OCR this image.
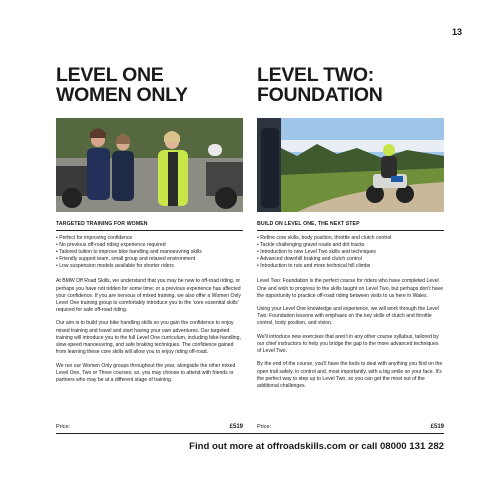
13
LEVEL ONE
WOMEN ONLY
TARGETED TRAINING FOR WOMEN
• Perfect for improving confidence
• No previous off-road riding experience required
• Tailored tuition to improve bike handling and manoeuvring skills
• Friendly support team, small group and relaxed environment
• Low suspension models available for shorter riders

At BMW Off Road Skills, we understand that you may be new to off-road riding, or perhaps you have not ridden for some time; or a previous experience has affected your confidence. If you are nervous of mixed training, we also offer a Women Only Level One training group to comfortably introduce you to the 'core essential skills' required for safe off-road riding.

Our aim is to build your bike handling skills so you gain the confidence to enjoy mixed training and travel and start having your own adventures. Our targeted training will introduce you to the full Level One curriculum, including bike-handling, slow-speed manoeuvring, and safe braking techniques. The confidence gained from learning these core skills will allow you to enjoy riding off-road.

We run our Women Only groups throughout the year, alongside the other mixed Level One, Two or Three courses; so, you may choose to attend with friends or partners who may be at a different stage of training.

LEVEL TWO:
FOUNDATION
BUILD ON LEVEL ONE, THE NEXT STEP
• Refine core skills, body position, throttle and clutch control
• Tackle challenging gravel roads and dirt tracks
• Introduction to new Level Two skills and techniques
• Advanced downhill braking and clutch control
• Introduction to ruts and more technical hill climbs

Level Two: Foundation is the perfect course for riders who have completed Level One and wish to progress to the skills taught on Level Two, but perhaps don't have the opportunity to practice off-road riding between visits to us here in Wales.

Using your Level One knowledge and experience, we will work through the Level Two: Foundation lessons with emphasis on the key skills of clutch and throttle control, body position, and vision.

We'll introduce new exercises that aren't in any other course syllabus, tailored by our chief instructors to help you bridge the gap to the more advanced techniques of Level Two.

By the end of the course, you'll have the tools to deal with anything you find on the open trail safely, in control and, most importantly, with a big smile on your face. It's the perfect way to step up to Level Two, so you can get the most out of the additional challenges.

Price:	£519	Price:	£519
Find out more at offroadskills.com or call 08000 131 282
